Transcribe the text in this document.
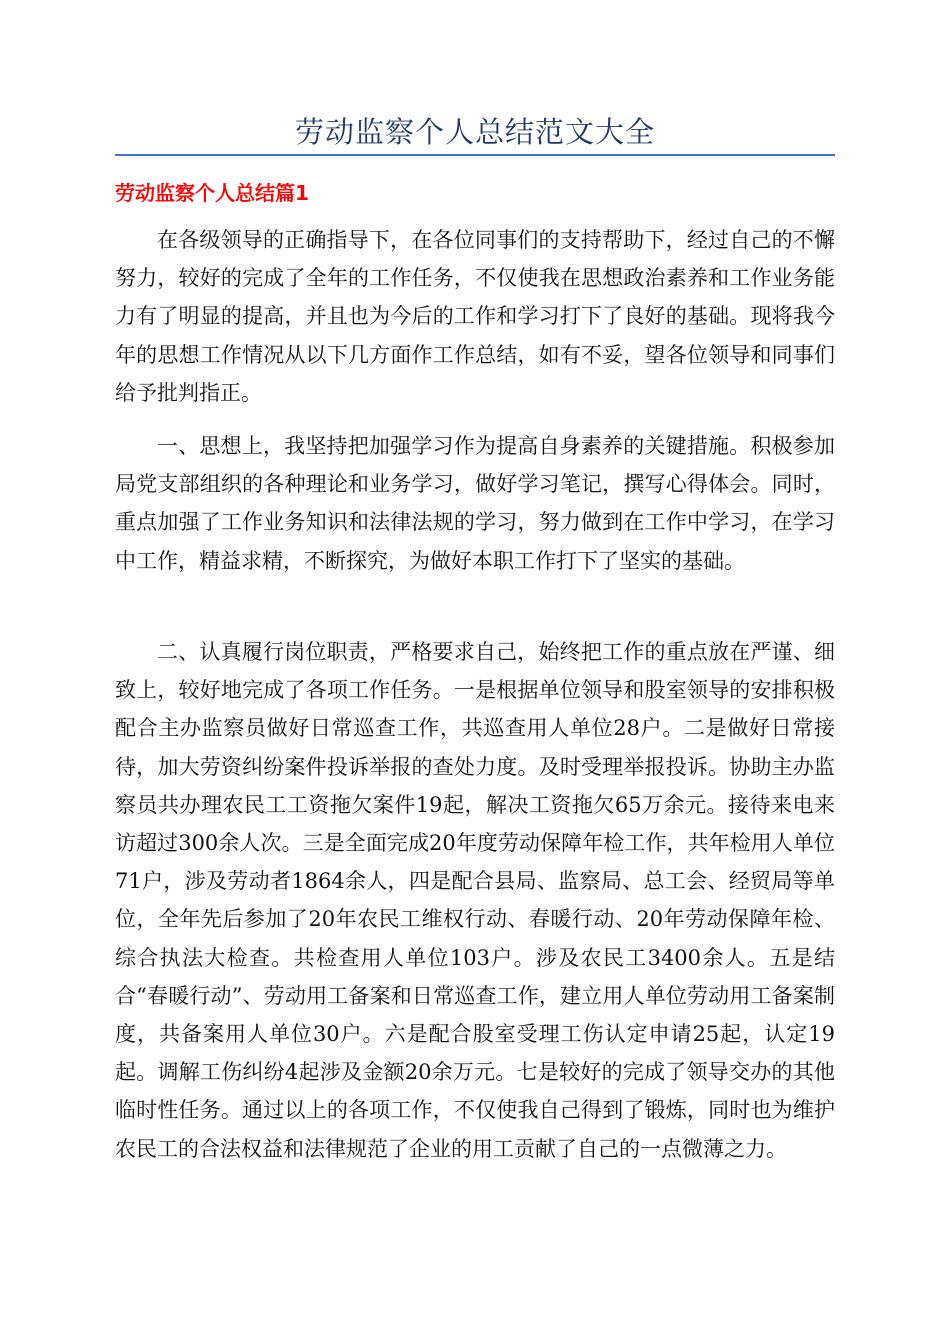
劳动监察个人总结范文大全
劳动监察个人总结篇1

在各级领导的正确指导下，在各位同事们的支持帮助下，经过自己的不懈努力，较好的完成了全年的工作任务，不仅使我在思想政治素养和工作业务能力有了明显的提高，并且也为今后的工作和学习打下了良好的基础。现将我今年的思想工作情况从以下几方面作工作总结，如有不妥，望各位领导和同事们给予批判指正。

一、思想上，我坚持把加强学习作为提高自身素养的关键措施。积极参加局党支部组织的各种理论和业务学习，做好学习笔记，撰写心得体会。同时，重点加强了工作业务知识和法律法规的学习，努力做到在工作中学习，在学习中工作，精益求精，不断探究，为做好本职工作打下了坚实的基础。

二、认真履行岗位职责，严格要求自己，始终把工作的重点放在严谨、细致上，较好地完成了各项工作任务。一是根据单位领导和股室领导的安排积极配合主办监察员做好日常巡查工作，共巡查用人单位28户。二是做好日常接待，加大劳资纠纷案件投诉举报的查处力度。及时受理举报投诉。协助主办监察员共办理农民工工资拖欠案件19起，解决工资拖欠65万余元。接待来电来访超过300余人次。三是全面完成20年度劳动保障年检工作，共年检用人单位71户，涉及劳动者1864余人，四是配合县局、监察局、总工会、经贸局等单位，全年先后参加了20年农民工维权行动、春暖行动、20年劳动保障年检、综合执法大检查。共检查用人单位103户。涉及农民工3400余人。五是结合“春暖行动”、劳动用工备案和日常巡查工作，建立用人单位劳动用工备案制度，共备案用人单位30户。六是配合股室受理工伤认定申请25起，认定19起。调解工伤纠纷4起涉及金额20余万元。七是较好的完成了领导交办的其他临时性任务。通过以上的各项工作，不仅使我自己得到了锻炼，同时也为维护农民工的合法权益和法律规范了企业的用工贡献了自己的一点微薄之力。
